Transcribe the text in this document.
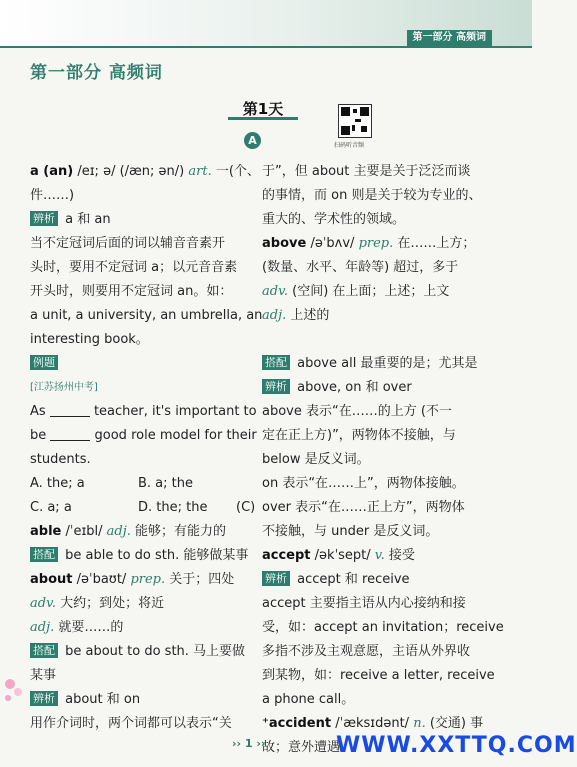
第一部分 高频词
第一部分 高频词
第1天
扫码听音频
A
a (an) /eɪ; ə/ (/æn; ən/) art. 一(个、
件……)
辨析 a 和 an
当不定冠词后面的词以辅音音素开
头时，要用不定冠词 a；以元音音素
开头时，则要用不定冠词 an。如：
a unit, a university, an umbrella, an
interesting book。
例题
[江苏扬州中考]
As	teacher, it's important to
be	good role model for their
students.
A. the; a	B. a; the
C. a; a	D. the; the (C)
able /ˈeɪbl/ adj. 能够；有能力的
搭配 be able to do sth. 能够做某事
about /əˈbaʊt/ prep. 关于；四处
adv. 大约；到处；将近
adj. 就要……的
搭配 be about to do sth. 马上要做
某事
辨析 about 和 on
用作介词时，两个词都可以表示“关
于”，但 about 主要是关于泛泛而谈
的事情，而 on 则是关于较为专业的、
重大的、学术性的领域。
above /əˈbʌv/ prep. 在……上方；
(数量、水平、年龄等) 超过，多于
adv. (空间) 在上面；上述；上文
adj. 上述的
搭配 above all 最重要的是；尤其是
辨析 above, on 和 over
above 表示“在……的上方 (不一
定在正上方)”，两物体不接触，与
below 是反义词。
on 表示“在……上”，两物体接触。
over 表示“在……正上方”，两物体
不接触，与 under 是反义词。
accept /əkˈsept/ v. 接受
辨析 accept 和 receive
accept 主要指主语从内心接纳和接
受，如：accept an invitation；receive
多指不涉及主观意愿，主语从外界收
到某物，如：receive a letter, receive
a phone call。
⁺accident /ˈæksɪdənt/ n. (交通) 事
故；意外遭遇
›› 1 ››	WWW.XXTTQ.COM
